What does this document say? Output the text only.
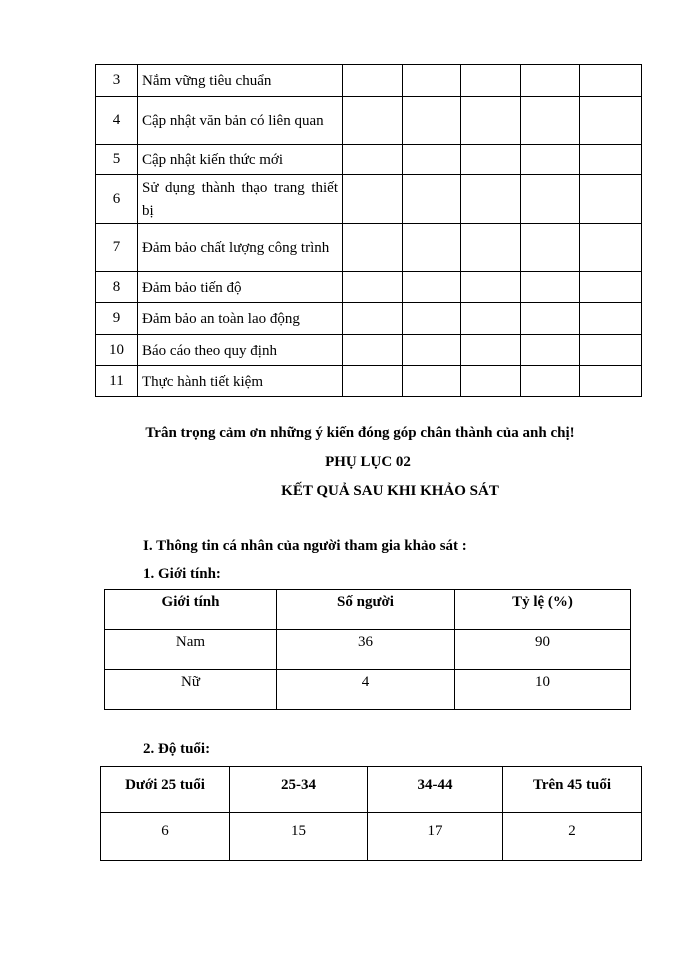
3	Nắm vững tiêu chuẩn					
4	Cập nhật văn bản có liên quan					
5	Cập nhật kiến thức mới					
6	Sử dụng thành thạo trang thiết bị					
7	Đảm bảo chất lượng công trình					
8	Đảm bảo tiến độ					
9	Đảm bảo an toàn lao động					
10	Báo cáo theo quy định					
11	Thực hành tiết kiệm					
Trân trọng cảm ơn những ý kiến đóng góp chân thành của anh chị!
PHỤ LỤC 02
KẾT QUẢ SAU KHI KHẢO SÁT
I. Thông tin cá nhân của người tham gia khảo sát :
1. Giới tính:
Giới tính	Số người	Tỷ lệ (%)
Nam	36	90
Nữ	4	10
2. Độ tuổi:
Dưới 25 tuổi	25-34	34-44	Trên 45 tuổi
6	15	17	2
